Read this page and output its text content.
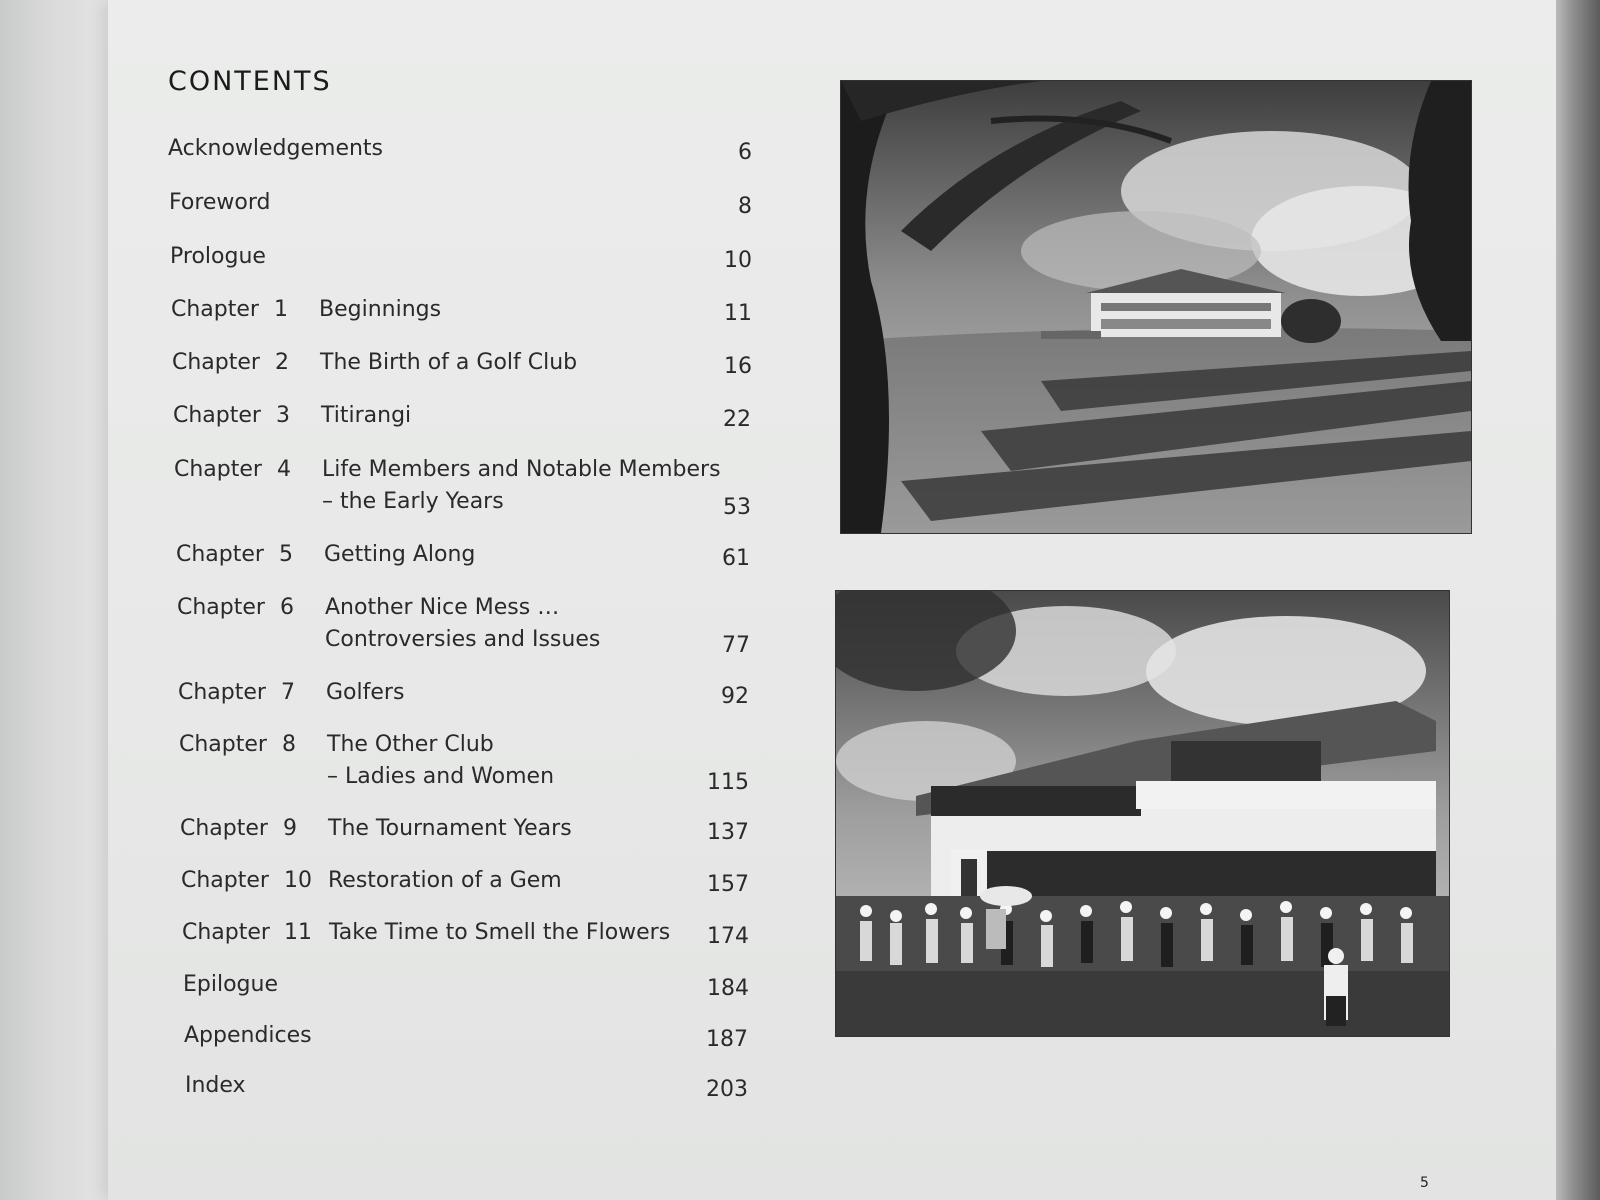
CONTENTS
Acknowledgements	6
Foreword	8
Prologue	10
Chapter 1 Beginnings	11
Chapter 2 The Birth of a Golf Club	16
Chapter 3 Titirangi	22
Chapter 4 Life Members and Notable Members
– the Early Years	53
Chapter 5 Getting Along	61
Chapter 6 Another Nice Mess …
Controversies and Issues	77
Chapter 7 Golfers	92
Chapter 8 The Other Club
– Ladies and Women	115
Chapter 9 The Tournament Years	137
Chapter 10 Restoration of a Gem	157
Chapter 11 Take Time to Smell the Flowers	174
Epilogue	184
Appendices	187
Index	203
5
